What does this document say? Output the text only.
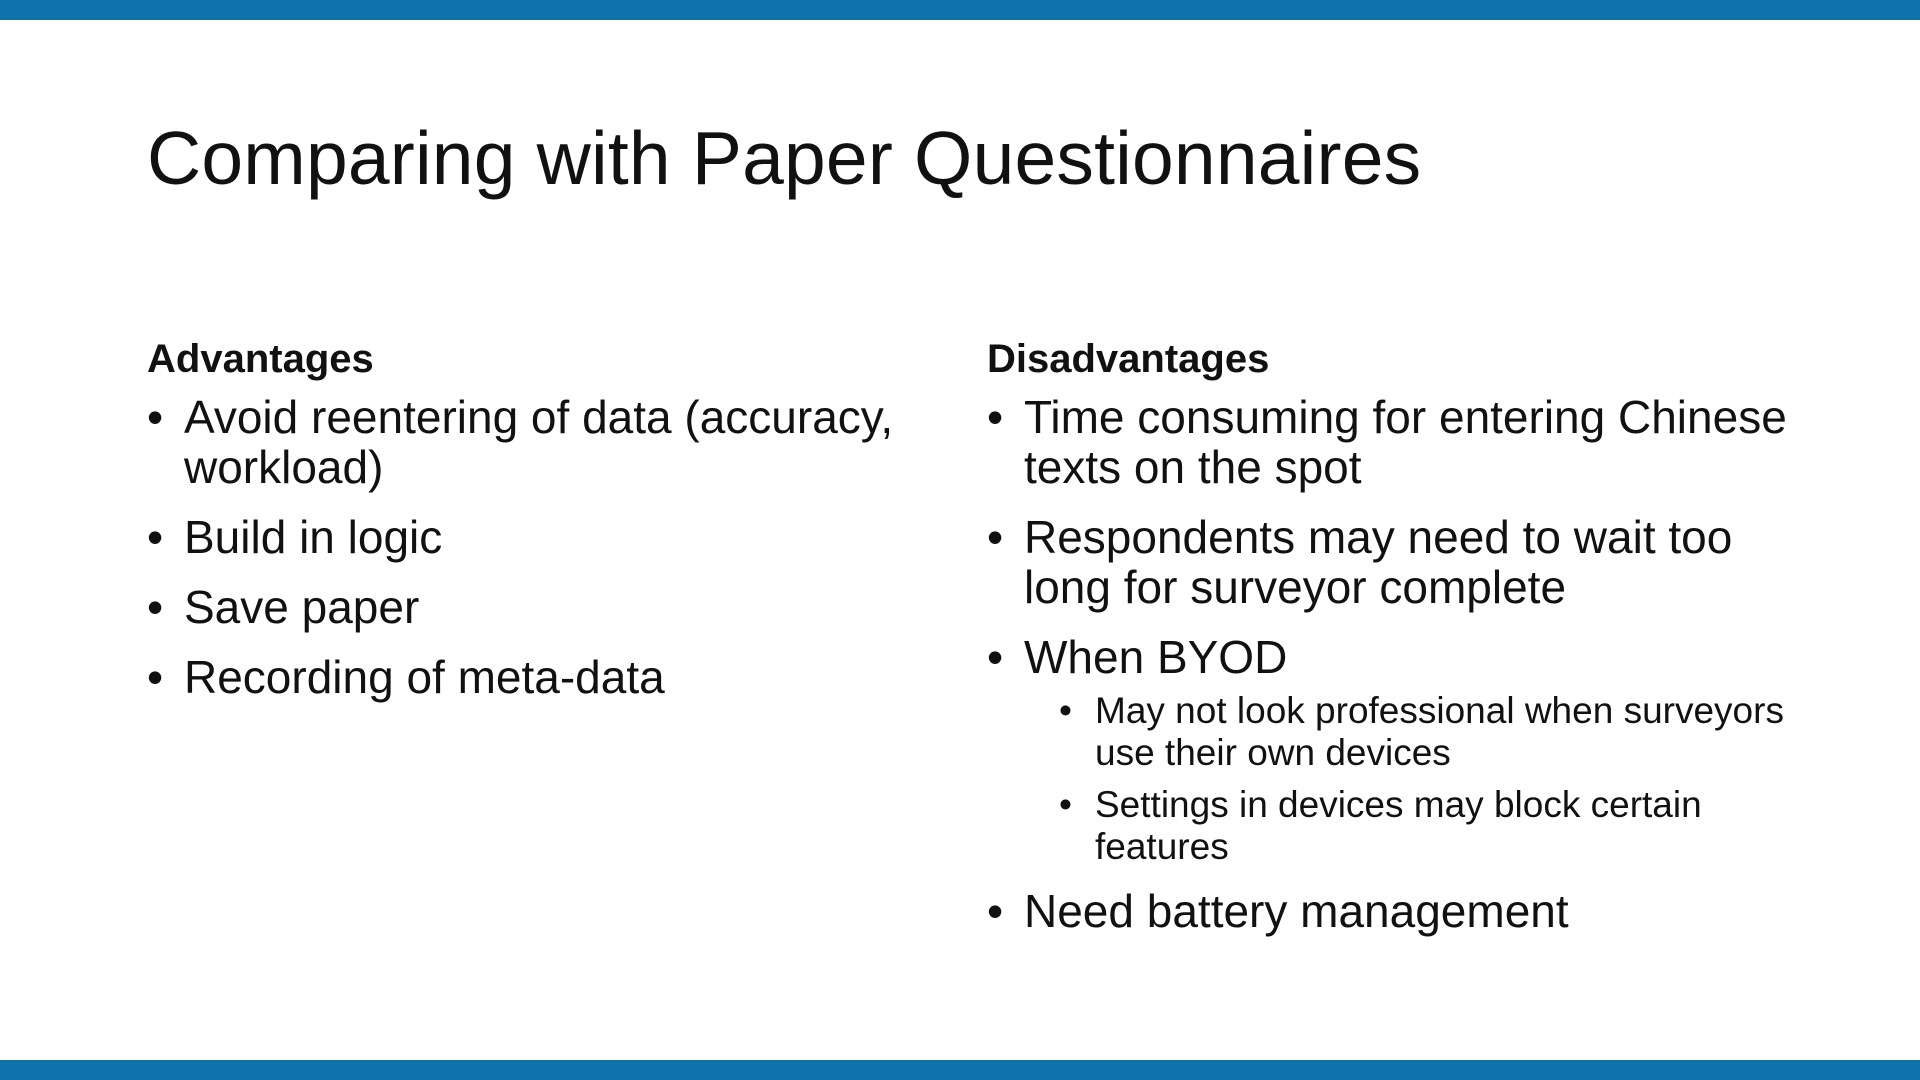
Comparing with Paper Questionnaires
Advantages
• Avoid reentering of data (accuracy, workload)
• Build in logic
• Save paper
• Recording of meta-data
Disadvantages
• Time consuming for entering Chinese texts on the spot
• Respondents may need to wait too long for surveyor complete
• When BYOD
• May not look professional when surveyors use their own devices
• Settings in devices may block certain features
• Need battery management
